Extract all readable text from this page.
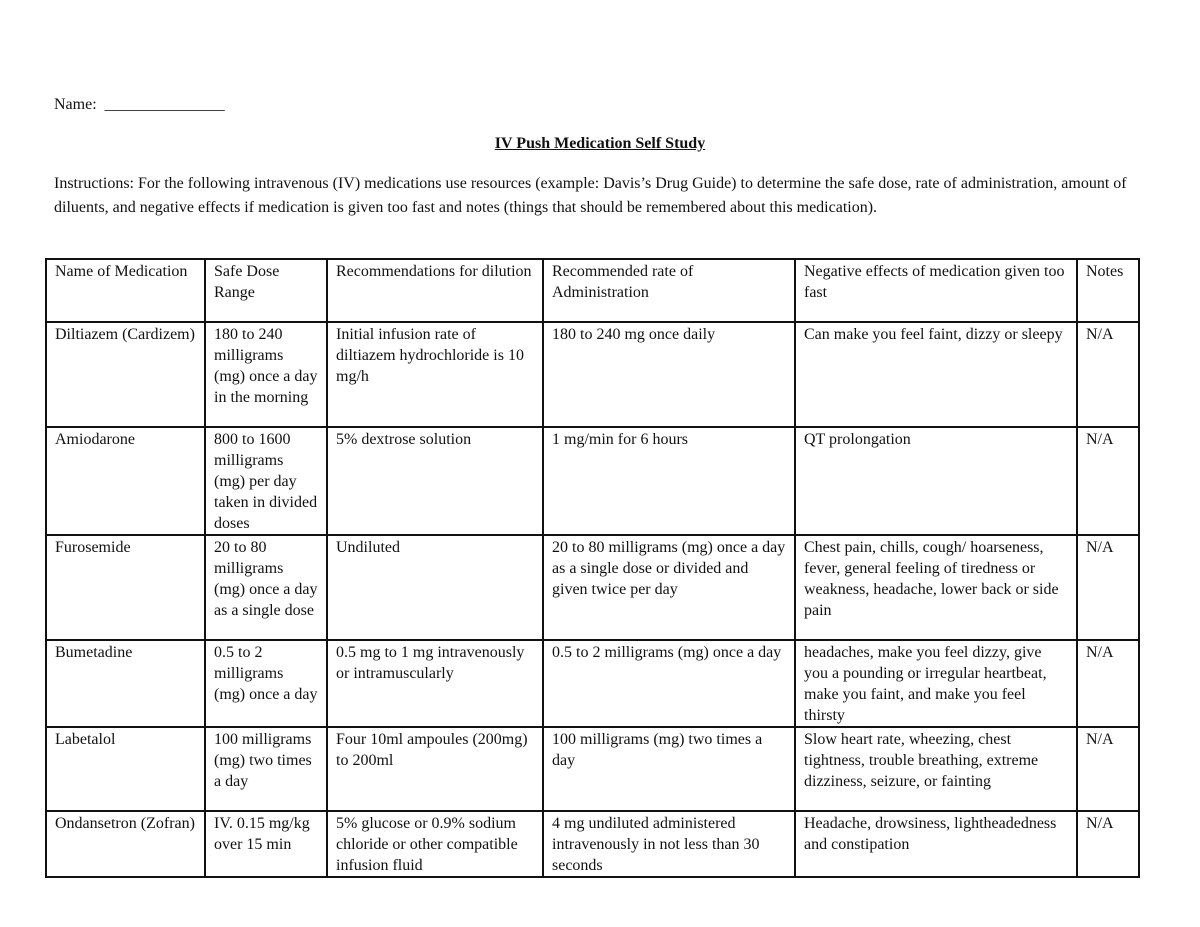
Name:  _______________
IV Push Medication Self Study
Instructions: For the following intravenous (IV) medications use resources (example: Davis’s Drug Guide) to determine the safe dose, rate of administration, amount of diluents, and negative effects if medication is given too fast and notes (things that should be remembered about this medication).
Name of Medication	Safe Dose Range	Recommendations for dilution	Recommended rate of Administration	Negative effects of medication given too fast	Notes
Diltiazem (Cardizem)	180 to 240 milligrams (mg) once a day in the morning	Initial infusion rate of diltiazem hydrochloride is 10 mg/h	180 to 240 mg once daily	Can make you feel faint, dizzy or sleepy	N/A
Amiodarone	800 to 1600 milligrams (mg) per day taken in divided doses	5% dextrose solution	1 mg/min for 6 hours	QT prolongation	N/A
Furosemide	20 to 80 milligrams (mg) once a day as a single dose	Undiluted	20 to 80 milligrams (mg) once a day as a single dose or divided and given twice per day	Chest pain, chills, cough/ hoarseness, fever, general feeling of tiredness or weakness, headache, lower back or side pain	N/A
Bumetadine	0.5 to 2 milligrams (mg) once a day	0.5 mg to 1 mg intravenously or intramuscularly	0.5 to 2 milligrams (mg) once a day	headaches, make you feel dizzy, give you a pounding or irregular heartbeat, make you faint, and make you feel thirsty	N/A
Labetalol	100 milligrams (mg) two times a day	Four 10ml ampoules (200mg) to 200ml	100 milligrams (mg) two times a day	Slow heart rate, wheezing, chest tightness, trouble breathing, extreme dizziness, seizure, or fainting	N/A
Ondansetron (Zofran)	IV. 0.15 mg/kg over 15 min	5% glucose or 0.9% sodium chloride or other compatible infusion fluid	4 mg undiluted administered intravenously in not less than 30 seconds	Headache, drowsiness, lightheadedness and constipation	N/A
